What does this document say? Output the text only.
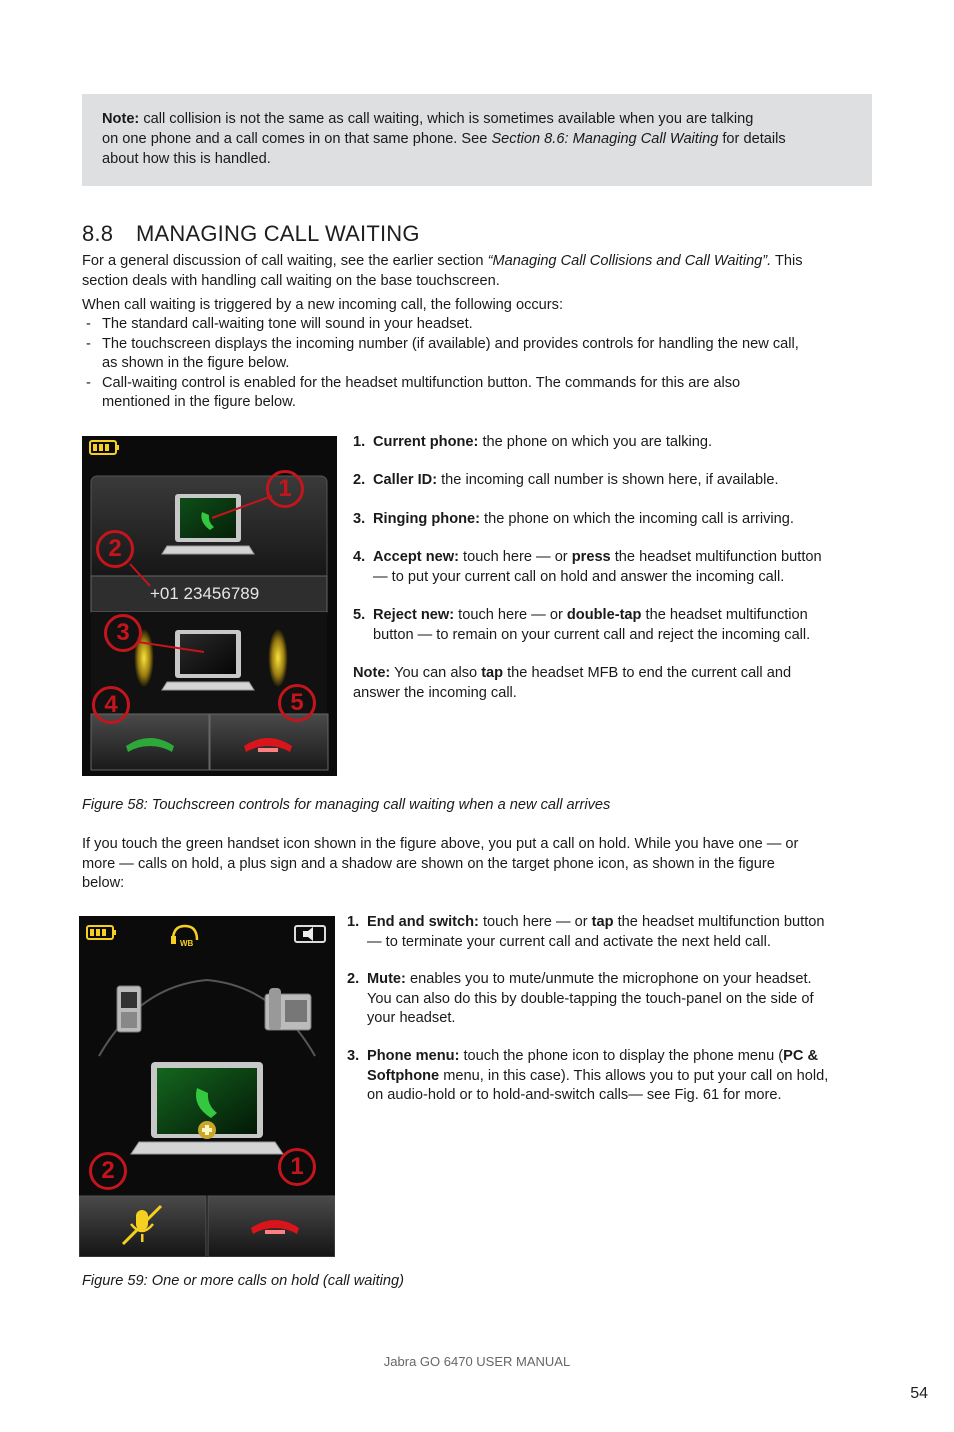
Note: call collision is not the same as call waiting, which is sometimes available when you are talking

on one phone and a call comes in on that same phone. See Section 8.6: Managing Call Waiting for details

about how this is handled.

8.8 MANAGING CALL WAITING

For a general discussion of call waiting, see the earlier section “Managing Call Collisions and Call Waiting”. This

section deals with handling call waiting on the base touchscreen.

When call waiting is triggered by a new incoming call, the following occurs:
- The standard call-waiting tone will sound in your headset.
- The touchscreen displays the incoming number (if available) and provides controls for handling the new call,
as shown in the figure below.
- Call-waiting control is enabled for the headset multifunction button. The commands for this are also
mentioned in the figure below.
+01 23456789
1
2
3
4	5
1. Current phone: the phone on which you are talking.
2. Caller ID: the incoming call number is shown here, if available.
3. Ringing phone: the phone on which the incoming call is arriving.
4. Accept new: touch here — or press the headset multifunction button
— to put your current call on hold and answer the incoming call.
5. Reject new: touch here — or double-tap the headset multifunction
button — to remain on your current call and reject the incoming call.
Note: You can also tap the headset MFB to end the current call and
answer the incoming call.
Figure 58: Touchscreen controls for managing call waiting when a new call arrives

If you touch the green handset icon shown in the figure above, you put a call on hold. While you have one — or

more — calls on hold, a plus sign and a shadow are shown on the target phone icon, as shown in the figure

below:

WB
2	1
1. End and switch: touch here — or tap the headset multifunction button
— to terminate your current call and activate the next held call.
2. Mute: enables you to mute/unmute the microphone on your headset.
You can also do this by double-tapping the touch-panel on the side of
your headset.
3. Phone menu: touch the phone icon to display the phone menu (PC &
Softphone menu, in this case). This allows you to put your call on hold,
on audio-hold or to hold-and-switch calls— see Fig. 61 for more.
Figure 59: One or more calls on hold (call waiting)
Jabra GO 6470 USER MANUAL
54
